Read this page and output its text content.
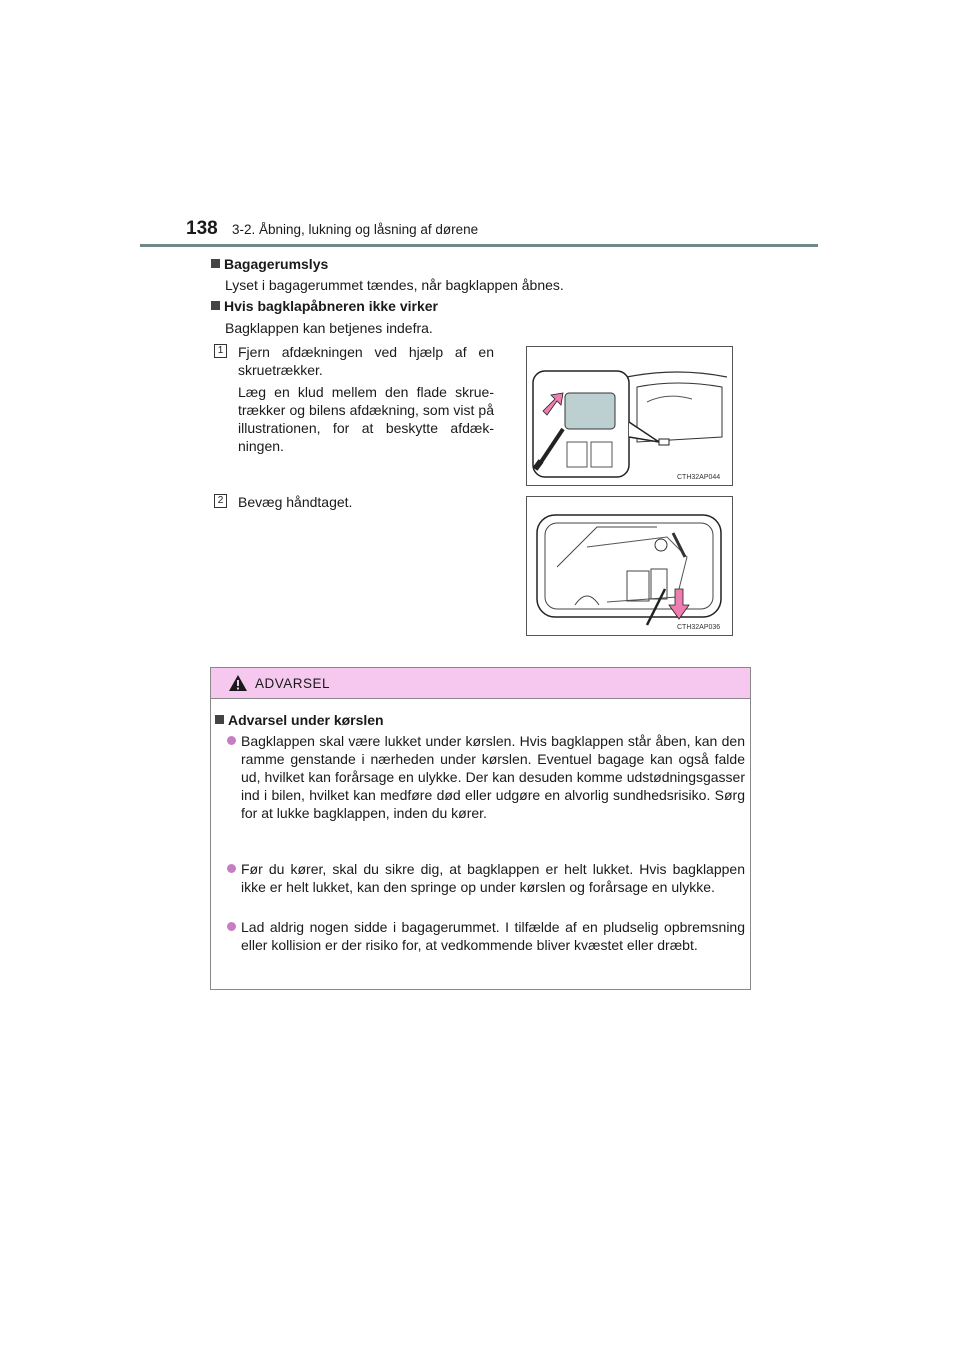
138 3-2. Åbning, lukning og låsning af dørene
Bagagerumslys
Lyset i bagagerummet tændes, når bagklappen åbnes.
Hvis bagklapåbneren ikke virker
Bagklappen kan betjenes indefra.
1 Fjern afdækningen ved hjælp af en skruetrækker.
Læg en klud mellem den flade skrue-trækker og bilens afdækning, som vist på illustrationen, for at beskytte afdæk-ningen.
CTH32AP044
2 Bevæg håndtaget.
CTH32AP036
ADVARSEL
Advarsel under kørslen

Bagklappen skal være lukket under kørslen. Hvis bagklappen står åben, kan den ramme genstande i nærheden under kørslen. Eventuel bagage kan også falde ud, hvilket kan forårsage en ulykke. Der kan desuden komme udstødningsgasser ind i bilen, hvilket kan medføre død eller udgøre en alvorlig sundhedsrisiko. Sørg for at lukke bagklappen, inden du kører.

Før du kører, skal du sikre dig, at bagklappen er helt lukket. Hvis bagklappen ikke er helt lukket, kan den springe op under kørslen og forårsage en ulykke.

Lad aldrig nogen sidde i bagagerummet. I tilfælde af en pludselig opbremsning eller kollision er der risiko for, at vedkommende bliver kvæstet eller dræbt.
